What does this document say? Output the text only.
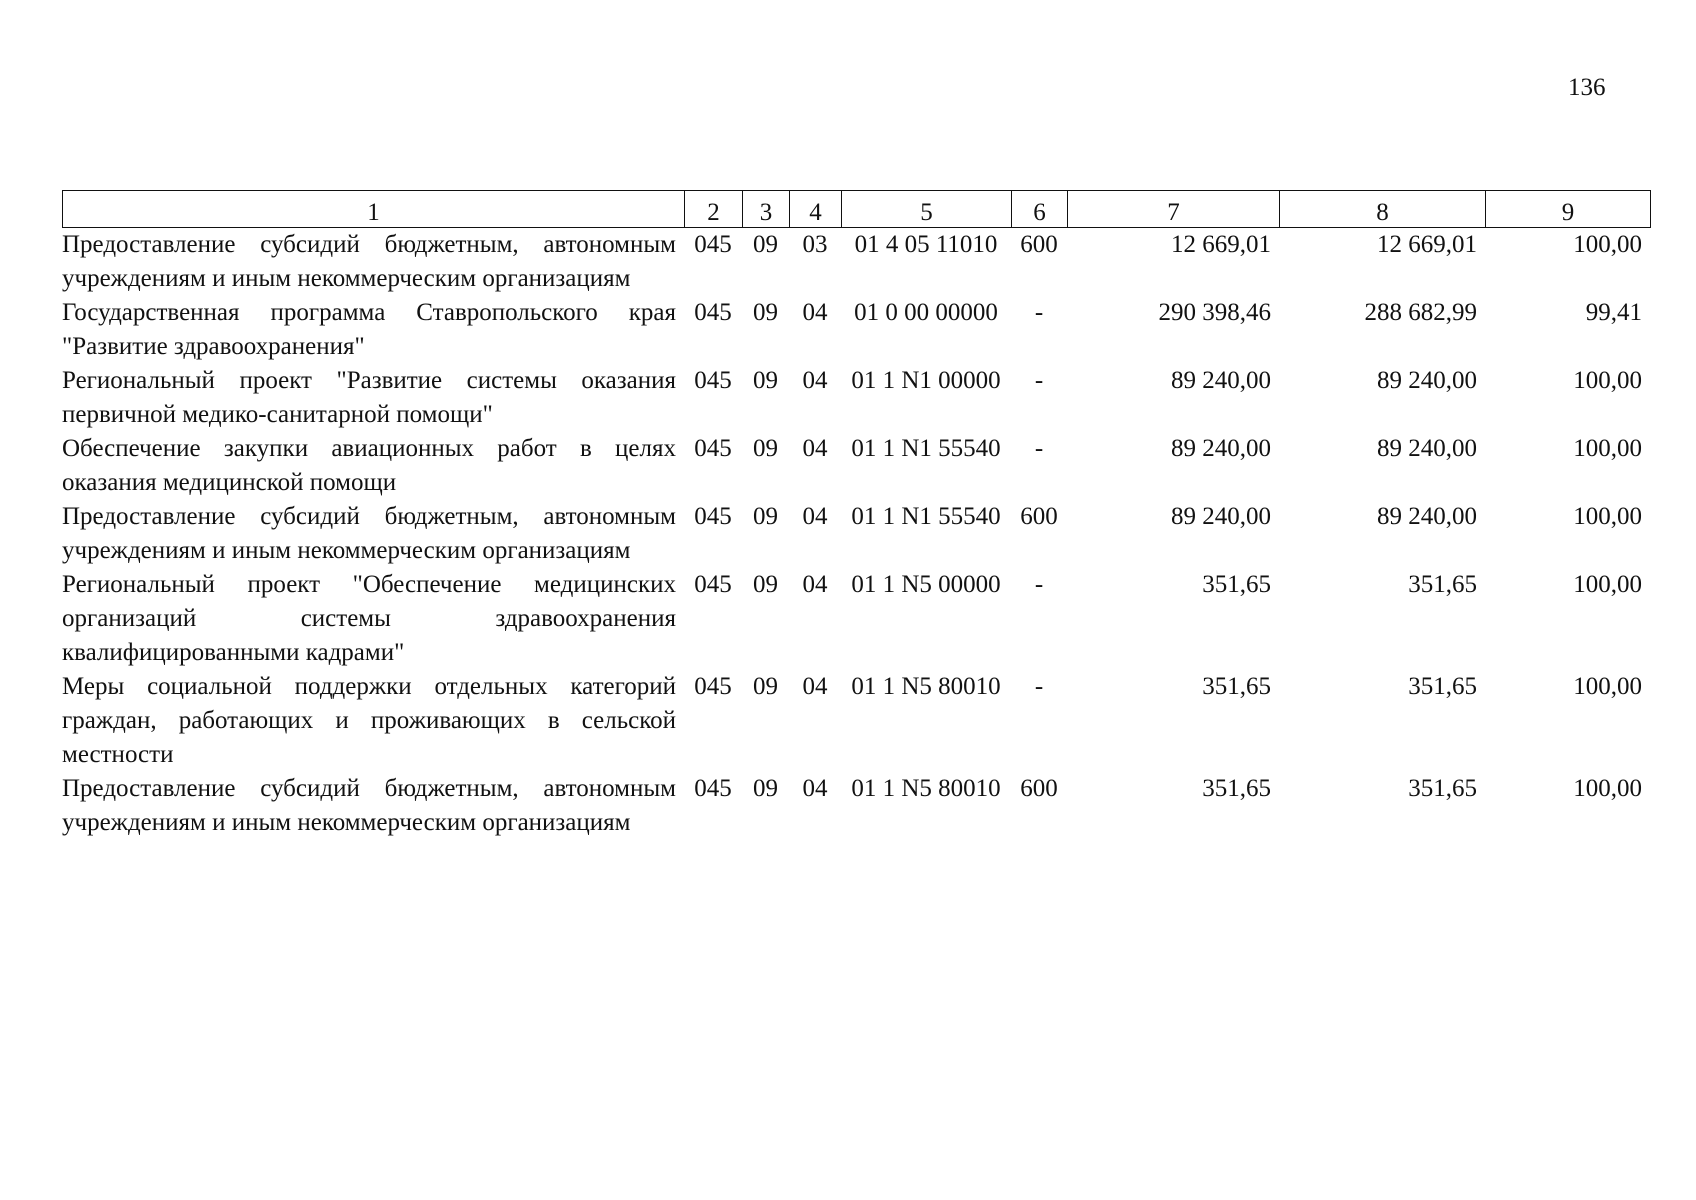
136
1	2	3	4	5	6	7	8	9
Предоставление субсидий бюджетным, автономным учреждениям и иным некоммерческим организациям	045	09	03	01 4 05 11010	600	12 669,01	12 669,01	100,00
Государственная программа Ставропольского края "Развитие здравоохранения"	045	09	04	01 0 00 00000	-	290 398,46	288 682,99	99,41
Региональный проект "Развитие системы оказания первичной медико-санитарной помощи"	045	09	04	01 1 N1 00000	-	89 240,00	89 240,00	100,00
Обеспечение закупки авиационных работ в целях оказания медицинской помощи	045	09	04	01 1 N1 55540	-	89 240,00	89 240,00	100,00
Предоставление субсидий бюджетным, автономным учреждениям и иным некоммерческим организациям	045	09	04	01 1 N1 55540	600	89 240,00	89 240,00	100,00
Региональный проект "Обеспечение медицинских организаций системы здравоохранения квалифицированными кадрами"	045	09	04	01 1 N5 00000	-	351,65	351,65	100,00
Меры социальной поддержки отдельных категорий граждан, работающих и проживающих в сельской местности	045	09	04	01 1 N5 80010	-	351,65	351,65	100,00
Предоставление субсидий бюджетным, автономным учреждениям и иным некоммерческим организациям	045	09	04	01 1 N5 80010	600	351,65	351,65	100,00
